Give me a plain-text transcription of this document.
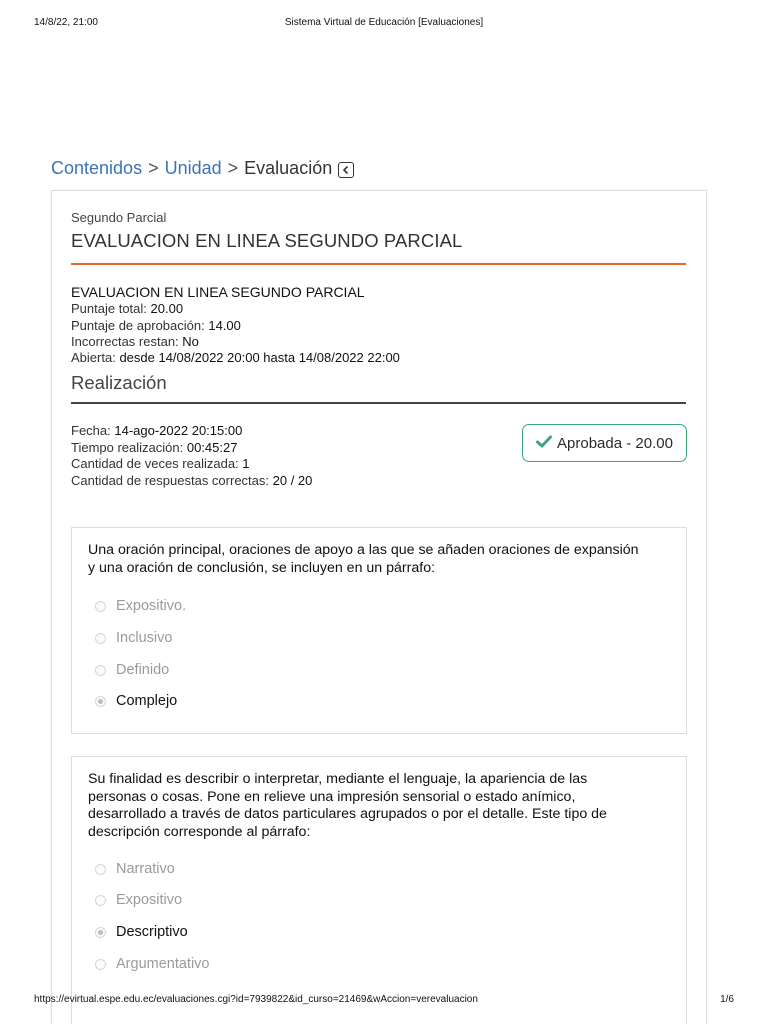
14/8/22, 21:00	Sistema Virtual de Educación [Evaluaciones]
Contenidos > Unidad > Evaluación
Segundo Parcial
EVALUACION EN LINEA SEGUNDO PARCIAL
EVALUACION EN LINEA SEGUNDO PARCIAL
Puntaje total: 20.00
Puntaje de aprobación: 14.00
Incorrectas restan: No
Abierta: desde 14/08/2022 20:00 hasta 14/08/2022 22:00
Realización
Fecha: 14-ago-2022 20:15:00
Tiempo realización: 00:45:27
Cantidad de veces realizada: 1
Cantidad de respuestas correctas: 20 / 20
Aprobada - 20.00
Una oración principal, oraciones de apoyo a las que se añaden oraciones de expansión y una oración de conclusión, se incluyen en un párrafo:
Expositivo.
Inclusivo
Definido
Complejo
Su finalidad es describir o interpretar, mediante el lenguaje, la apariencia de las personas o cosas. Pone en relieve una impresión sensorial o estado anímico, desarrollado a través de datos particulares agrupados o por el detalle. Este tipo de descripción corresponde al párrafo:
Narrativo
Expositivo
Descriptivo
Argumentativo
https://evirtual.espe.edu.ec/evaluaciones.cgi?id=7939822&id_curso=21469&wAccion=verevaluacion	1/6
